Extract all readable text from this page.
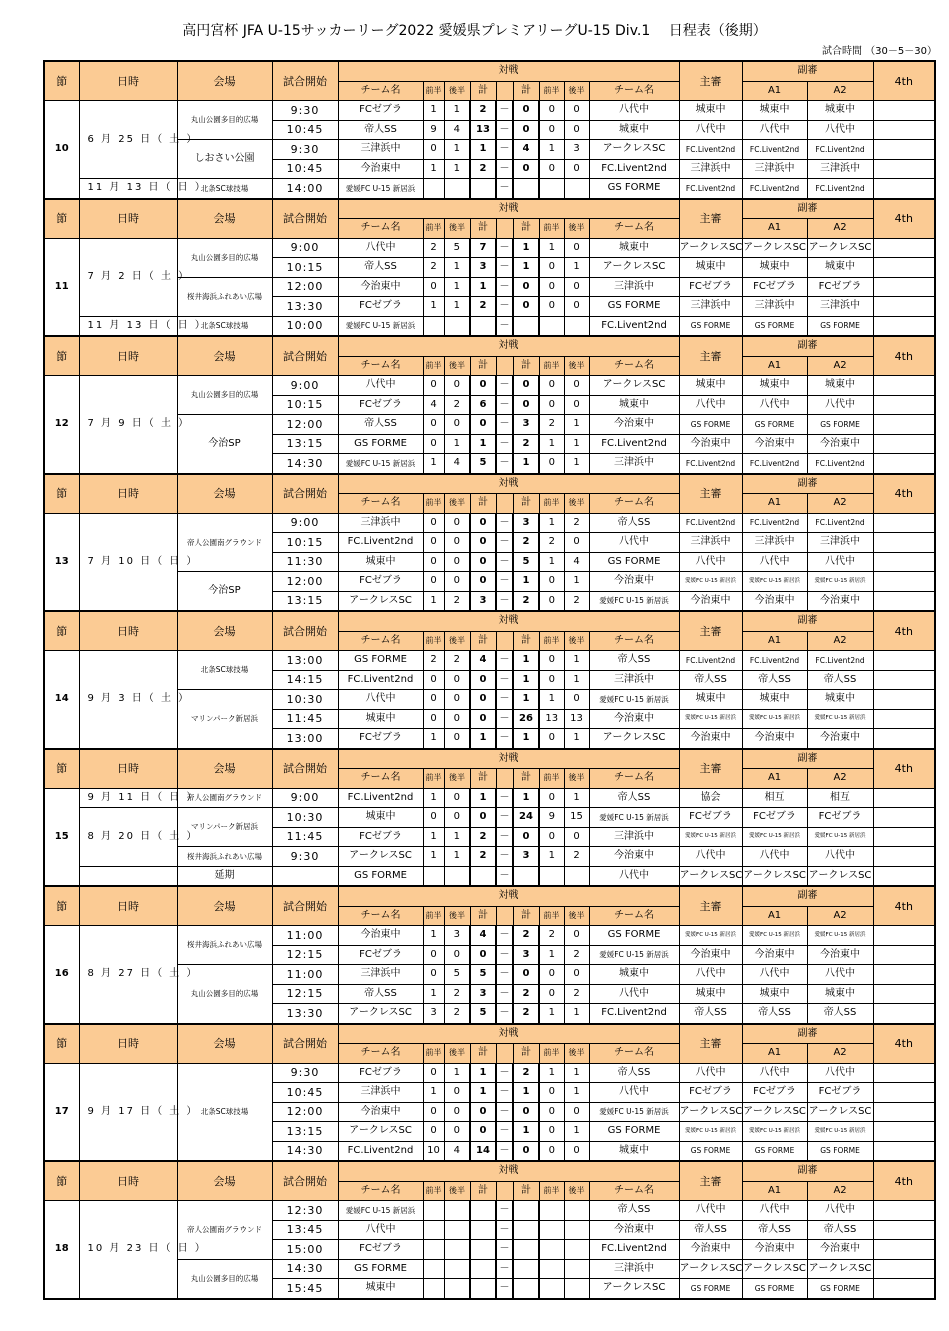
高円宮杯 JFA U-15サッカーリーグ2022 愛媛県プレミアリーグU-15 Div.1　 日程表（後期）
試合時間 （30－5－30）
節	日時	会場	試合開始	対戦									主審	副審		4th
				チーム名	前半	後半	計		計	前半	後半	チーム名		A1	A2	
10	6 月 25 日（ 土 ）	丸山公園多目的広場	9:30	FCゼブラ	1	1	2	－	0	0	0	八代中	城東中	城東中	城東中	
			10:45	帝人SS	9	4	13	－	0	0	0	城東中	八代中	八代中	八代中	
		しおさい公園	9:30	三津浜中	0	1	1	－	4	1	3	アークレスSC	FC.Livent2nd	FC.Livent2nd	FC.Livent2nd	
			10:45	今治東中	1	1	2	－	0	0	0	FC.Livent2nd	三津浜中	三津浜中	三津浜中	
	11 月 13 日（ 日 ）	北条SC球技場	14:00	愛媛FC U-15 新居浜				－				GS FORME	FC.Livent2nd	FC.Livent2nd	FC.Livent2nd	
節	日時	会場	試合開始	対戦									主審	副審		4th
				チーム名	前半	後半	計		計	前半	後半	チーム名		A1	A2	
11	7 月 2 日（ 土 ）	丸山公園多目的広場	9:00	八代中	2	5	7	－	1	1	0	城東中	アークレスSC	アークレスSC	アークレスSC	
			10:15	帝人SS	2	1	3	－	1	0	1	アークレスSC	城東中	城東中	城東中	
		桜井海浜ふれあい広場	12:00	今治東中	0	1	1	－	0	0	0	三津浜中	FCゼブラ	FCゼブラ	FCゼブラ	
			13:30	FCゼブラ	1	1	2	－	0	0	0	GS FORME	三津浜中	三津浜中	三津浜中	
	11 月 13 日（ 日 ）	北条SC球技場	10:00	愛媛FC U-15 新居浜				－				FC.Livent2nd	GS FORME	GS FORME	GS FORME	
節	日時	会場	試合開始	対戦									主審	副審		4th
				チーム名	前半	後半	計		計	前半	後半	チーム名		A1	A2	
12	7 月 9 日（ 土 ）	丸山公園多目的広場	9:00	八代中	0	0	0	－	0	0	0	アークレスSC	城東中	城東中	城東中	
			10:15	FCゼブラ	4	2	6	－	0	0	0	城東中	八代中	八代中	八代中	
		今治SP	12:00	帝人SS	0	0	0	－	3	2	1	今治東中	GS FORME	GS FORME	GS FORME	
			13:15	GS FORME	0	1	1	－	2	1	1	FC.Livent2nd	今治東中	今治東中	今治東中	
			14:30	愛媛FC U-15 新居浜	1	4	5	－	1	0	1	三津浜中	FC.Livent2nd	FC.Livent2nd	FC.Livent2nd	
節	日時	会場	試合開始	対戦									主審	副審		4th
				チーム名	前半	後半	計		計	前半	後半	チーム名		A1	A2	
13	7 月 10 日（ 日 ）	帝人公園南グラウンド	9:00	三津浜中	0	0	0	－	3	1	2	帝人SS	FC.Livent2nd	FC.Livent2nd	FC.Livent2nd	
			10:15	FC.Livent2nd	0	0	0	－	2	2	0	八代中	三津浜中	三津浜中	三津浜中	
			11:30	城東中	0	0	0	－	5	1	4	GS FORME	八代中	八代中	八代中	
		今治SP	12:00	FCゼブラ	0	0	0	－	1	0	1	今治東中	愛媛FC U-15 新居浜	愛媛FC U-15 新居浜	愛媛FC U-15 新居浜	
			13:15	アークレスSC	1	2	3	－	2	0	2	愛媛FC U-15 新居浜	今治東中	今治東中	今治東中	
節	日時	会場	試合開始	対戦									主審	副審		4th
				チーム名	前半	後半	計		計	前半	後半	チーム名		A1	A2	
14	9 月 3 日（ 土 ）	北条SC球技場	13:00	GS FORME	2	2	4	－	1	0	1	帝人SS	FC.Livent2nd	FC.Livent2nd	FC.Livent2nd	
			14:15	FC.Livent2nd	0	0	0	－	1	0	1	三津浜中	帝人SS	帝人SS	帝人SS	
		マリンパーク新居浜	10:30	八代中	0	0	0	－	1	1	0	愛媛FC U-15 新居浜	城東中	城東中	城東中	
			11:45	城東中	0	0	0	－	26	13	13	今治東中	愛媛FC U-15 新居浜	愛媛FC U-15 新居浜	愛媛FC U-15 新居浜	
			13:00	FCゼブラ	1	0	1	－	1	0	1	アークレスSC	今治東中	今治東中	今治東中	
節	日時	会場	試合開始	対戦									主審	副審		4th
				チーム名	前半	後半	計		計	前半	後半	チーム名		A1	A2	
15	9 月 11 日（ 日 ）	帝人公園南グラウンド	9:00	FC.Livent2nd	1	0	1	－	1	0	1	帝人SS	協会	相互	相互	
	8 月 20 日（ 土 ）	マリンパーク新居浜	10:30	城東中	0	0	0	－	24	9	15	愛媛FC U-15 新居浜	FCゼブラ	FCゼブラ	FCゼブラ	
			11:45	FCゼブラ	1	1	2	－	0	0	0	三津浜中	愛媛FC U-15 新居浜	愛媛FC U-15 新居浜	愛媛FC U-15 新居浜	
		桜井海浜ふれあい広場	9:30	アークレスSC	1	1	2	－	3	1	2	今治東中	八代中	八代中	八代中	
		延期		GS FORME				－				八代中	アークレスSC	アークレスSC	アークレスSC	
節	日時	会場	試合開始	対戦									主審	副審		4th
				チーム名	前半	後半	計		計	前半	後半	チーム名		A1	A2	
16	8 月 27 日（ 土 ）	桜井海浜ふれあい広場	11:00	今治東中	1	3	4	－	2	2	0	GS FORME	愛媛FC U-15 新居浜	愛媛FC U-15 新居浜	愛媛FC U-15 新居浜	
			12:15	FCゼブラ	0	0	0	－	3	1	2	愛媛FC U-15 新居浜	今治東中	今治東中	今治東中	
		丸山公園多目的広場	11:00	三津浜中	0	5	5	－	0	0	0	城東中	八代中	八代中	八代中	
			12:15	帝人SS	1	2	3	－	2	0	2	八代中	城東中	城東中	城東中	
			13:30	アークレスSC	3	2	5	－	2	1	1	FC.Livent2nd	帝人SS	帝人SS	帝人SS	
節	日時	会場	試合開始	対戦									主審	副審		4th
				チーム名	前半	後半	計		計	前半	後半	チーム名		A1	A2	
17	9 月 17 日（ 土 ）	北条SC球技場	9:30	FCゼブラ	0	1	1	－	2	1	1	帝人SS	八代中	八代中	八代中	
			10:45	三津浜中	1	0	1	－	1	0	1	八代中	FCゼブラ	FCゼブラ	FCゼブラ	
			12:00	今治東中	0	0	0	－	0	0	0	愛媛FC U-15 新居浜	アークレスSC	アークレスSC	アークレスSC	
			13:15	アークレスSC	0	0	0	－	1	0	1	GS FORME	愛媛FC U-15 新居浜	愛媛FC U-15 新居浜	愛媛FC U-15 新居浜	
			14:30	FC.Livent2nd	10	4	14	－	0	0	0	城東中	GS FORME	GS FORME	GS FORME	
節	日時	会場	試合開始	対戦									主審	副審		4th
				チーム名	前半	後半	計		計	前半	後半	チーム名		A1	A2	
18	10 月 23 日（ 日 ）	帝人公園南グラウンド	12:30	愛媛FC U-15 新居浜				－				帝人SS	八代中	八代中	八代中	
			13:45	八代中				－				今治東中	帝人SS	帝人SS	帝人SS	
			15:00	FCゼブラ				－				FC.Livent2nd	今治東中	今治東中	今治東中	
		丸山公園多目的広場	14:30	GS FORME				－				三津浜中	アークレスSC	アークレスSC	アークレスSC	
			15:45	城東中				－				アークレスSC	GS FORME	GS FORME	GS FORME	
